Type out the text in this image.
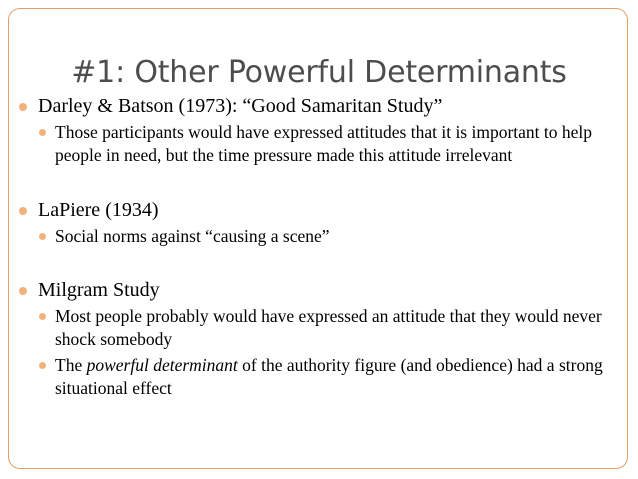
#1: Other Powerful Determinants
Darley & Batson (1973): “Good Samaritan Study”
Those participants would have expressed attitudes that it is important to help people in need, but the time pressure made this attitude irrelevant
LaPiere (1934)
Social norms against “causing a scene”
Milgram Study
Most people probably would have expressed an attitude that they would never shock somebody
The powerful determinant of the authority figure (and obedience) had a strong situational effect
